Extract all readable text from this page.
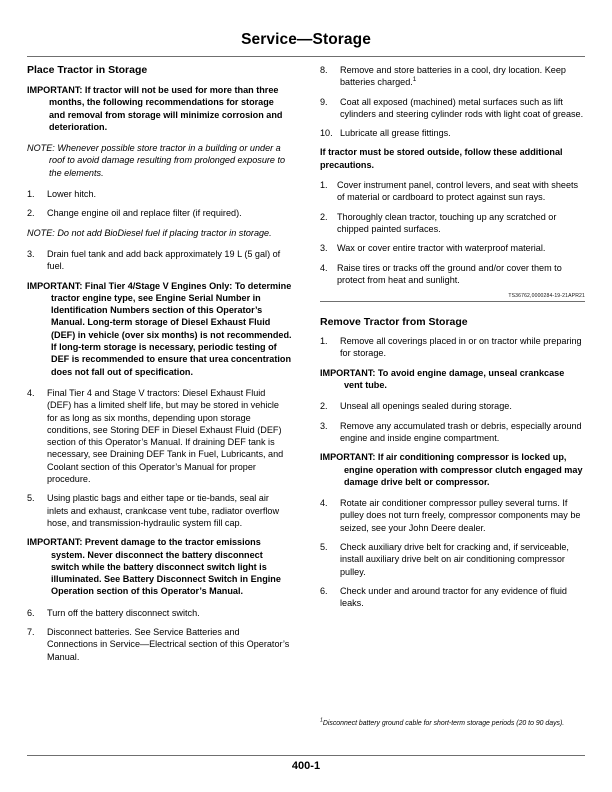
Service—Storage
Place Tractor in Storage

IMPORTANT: If tractor will not be used for more than three months, the following recommendations for storage and removal from storage will minimize corrosion and deterioration.

NOTE: Whenever possible store tractor in a building or under a roof to avoid damage resulting from prolonged exposure to the elements.

1.	Lower hitch.
2.	Change engine oil and replace filter (if required).

NOTE: Do not add BioDiesel fuel if placing tractor in storage.

3.	Drain fuel tank and add back approximately 19 L (5 gal) of fuel.

IMPORTANT: Final Tier 4/Stage V Engines Only: To determine tractor engine type, see Engine Serial Number in Identification Numbers section of this Operator’s Manual. Long-term storage of Diesel Exhaust Fluid (DEF) in vehicle (over six months) is not recommended. If long-term storage is necessary, periodic testing of DEF is recommended to ensure that urea concentration does not fall out of specification.

4.	Final Tier 4 and Stage V tractors: Diesel Exhaust Fluid (DEF) has a limited shelf life, but may be stored in vehicle for as long as six months, depending upon storage conditions, see Storing DEF in Diesel Exhaust Fluid (DEF) section of this Operator’s Manual. If draining DEF tank is necessary, see Draining DEF Tank in Fuel, Lubricants, and Coolant section of this Operator’s Manual for proper procedure.
5.	Using plastic bags and either tape or tie-bands, seal air inlets and exhaust, crankcase vent tube, radiator overflow hose, and transmission-hydraulic system fill cap.

IMPORTANT: Prevent damage to the tractor emissions system. Never disconnect the battery disconnect switch while the battery disconnect switch light is illuminated. See Battery Disconnect Switch in Engine Operation section of this Operator’s Manual.

6.	Turn off the battery disconnect switch.
7.	Disconnect batteries. See Service Batteries and Connections in Service—Electrical section of this Operator’s Manual.
8.	Remove and store batteries in a cool, dry location. Keep batteries charged.$^1$
9.	Coat all exposed (machined) metal surfaces such as lift cylinders and steering cylinder rods with light coat of grease.
10. Lubricate all grease fittings.

If tractor must be stored outside, follow these additional precautions.

1.	Cover instrument panel, control levers, and seat with sheets of material or cardboard to protect against sun rays.
2.	Thoroughly clean tractor, touching up any scratched or chipped painted surfaces.
3.	Wax or cover entire tractor with waterproof material.
4.	Raise tires or tracks off the ground and/or cover them to protect from heat and sunlight.
TS36762,0000284-19-21APR21
Remove Tractor from Storage
1.	Remove all coverings placed in or on tractor while preparing for storage.

IMPORTANT: To avoid engine damage, unseal crankcase vent tube.

2.	Unseal all openings sealed during storage.
3.	Remove any accumulated trash or debris, especially around engine and inside engine compartment.

IMPORTANT: If air conditioning compressor is locked up, engine operation with compressor clutch engaged may damage drive belt or compressor.

4.	Rotate air conditioner compressor pulley several turns. If pulley does not turn freely, compressor components may be seized, see your John Deere dealer.
5.	Check auxiliary drive belt for cracking and, if serviceable, install auxiliary drive belt on air conditioning compressor pulley.
6.	Check under and around tractor for any evidence of fluid leaks.
$^1$Disconnect battery ground cable for short-term storage periods (20 to 90 days).
400-1
